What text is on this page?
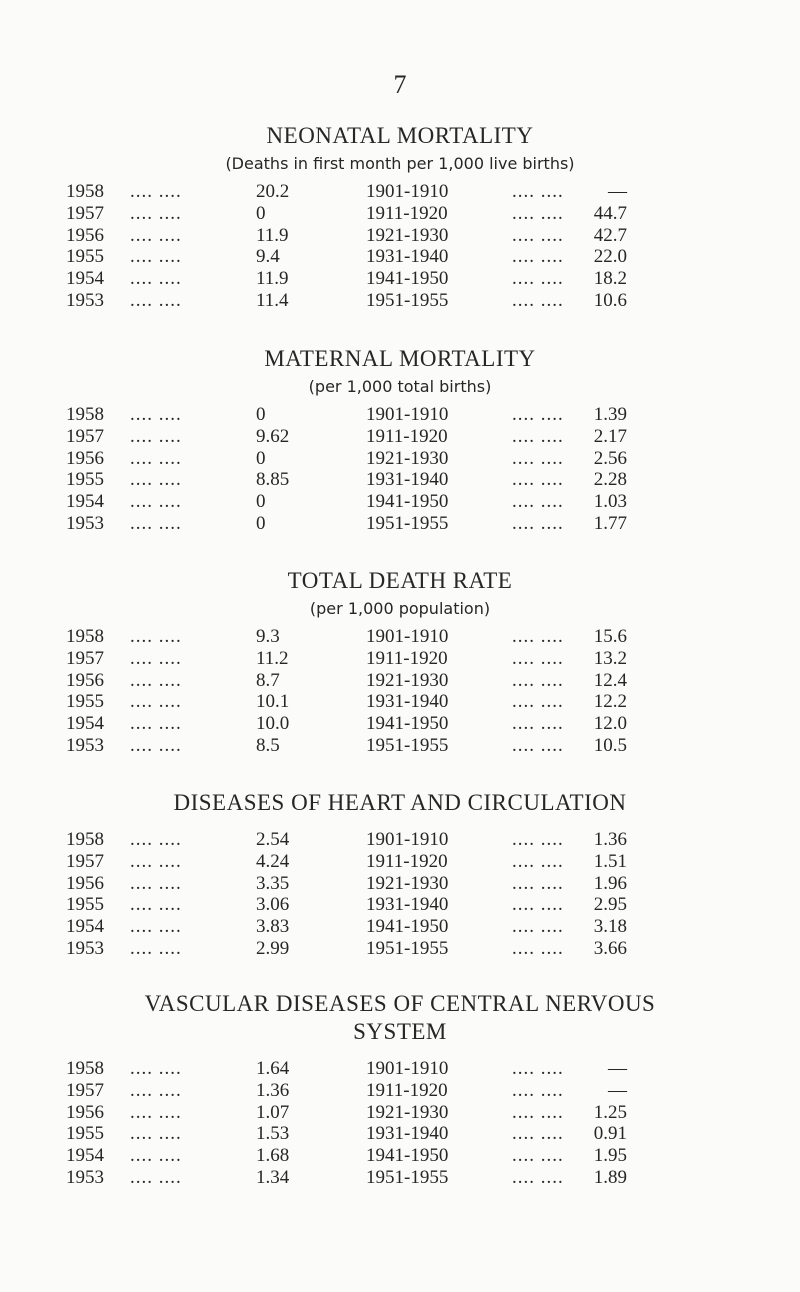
7
NEONATAL MORTALITY
(Deaths in first month per 1,000 live births)
1958 .... ....	20.2	1901-1910	.... .... —
1957 .... ....	0	1911-1920	.... .... 44.7
1956 .... ....	11.9	1921-1930	.... .... 42.7
1955 .... ....	9.4	1931-1940	.... .... 22.0
1954 .... ....	11.9	1941-1950	.... .... 18.2
1953 .... ....	11.4	1951-1955	.... .... 10.6
MATERNAL MORTALITY
(per 1,000 total births)
1958 .... ....	0	1901-1910	.... .... 1.39
1957 .... ....	9.62	1911-1920	.... .... 2.17
1956 .... ....	0	1921-1930	.... .... 2.56
1955 .... ....	8.85	1931-1940	.... .... 2.28
1954 .... ....	0	1941-1950	.... .... 1.03
1953 .... ....	0	1951-1955	.... .... 1.77
TOTAL DEATH RATE
(per 1,000 population)
1958 .... ....	9.3	1901-1910	.... .... 15.6
1957 .... ....	11.2	1911-1920	.... .... 13.2
1956 .... ....	8.7	1921-1930	.... .... 12.4
1955 .... ....	10.1	1931-1940	.... .... 12.2
1954 .... ....	10.0	1941-1950	.... .... 12.0
1953 .... ....	8.5	1951-1955	.... .... 10.5
DISEASES OF HEART AND CIRCULATION
1958 .... ....	2.54	1901-1910	.... .... 1.36
1957 .... ....	4.24	1911-1920	.... .... 1.51
1956 .... ....	3.35	1921-1930	.... .... 1.96
1955 .... ....	3.06	1931-1940	.... .... 2.95
1954 .... ....	3.83	1941-1950	.... .... 3.18
1953 .... ....	2.99	1951-1955	.... .... 3.66
VASCULAR DISEASES OF CENTRAL NERVOUS
SYSTEM
1958 .... ....	1.64	1901-1910	.... .... —
1957 .... ....	1.36	1911-1920	.... .... —
1956 .... ....	1.07	1921-1930	.... .... 1.25
1955 .... ....	1.53	1931-1940	.... .... 0.91
1954 .... ....	1.68	1941-1950	.... .... 1.95
1953 .... ....	1.34	1951-1955	.... .... 1.89
